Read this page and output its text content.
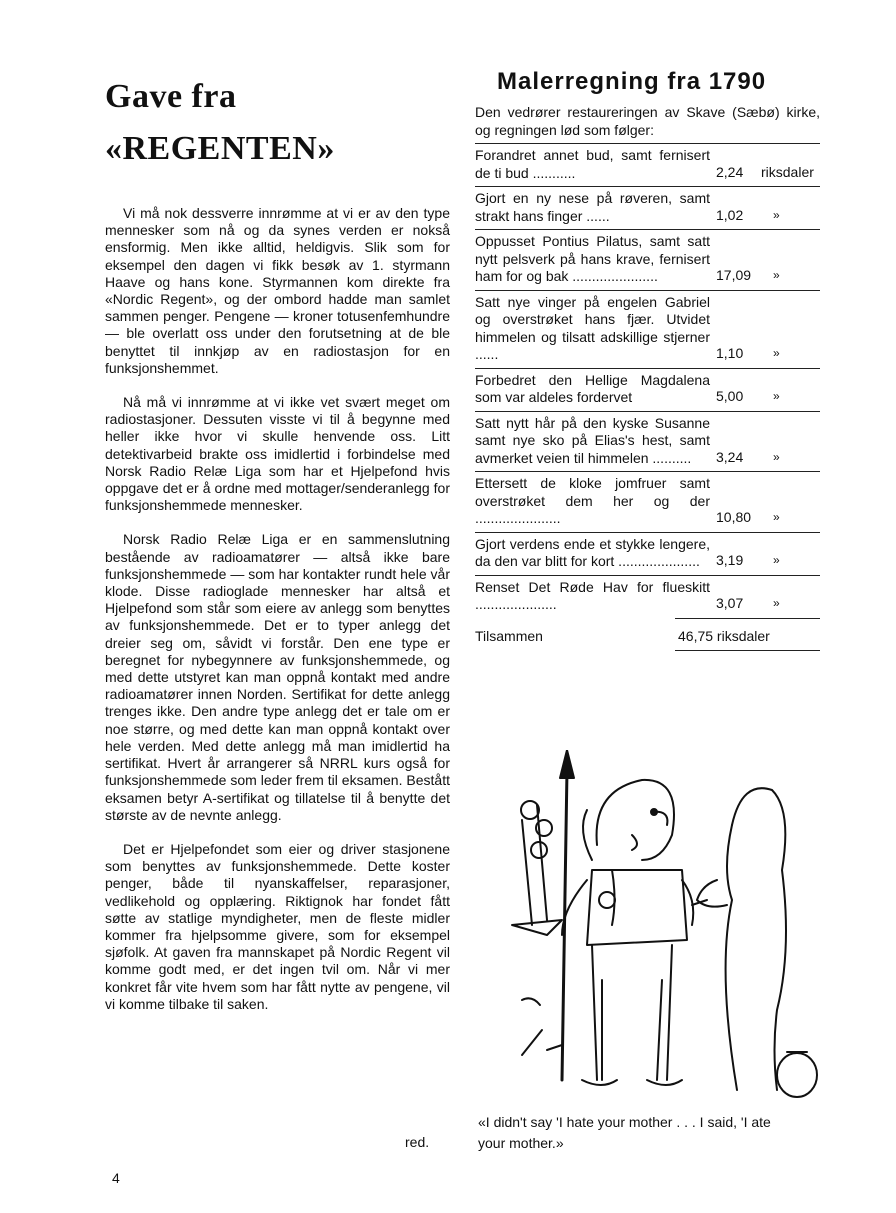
Gave fra
«REGENTEN»

Vi må nok dessverre innrømme at vi er av den type mennesker som nå og da synes verden er nokså ensformig. Men ikke alltid, heldigvis. Slik som for eksempel den dagen vi fikk besøk av 1. styrmann Haave og hans kone. Styrmannen kom direkte fra «Nordic Regent», og der ombord hadde man samlet sammen penger. Pengene — kroner totusenfemhundre — ble overlatt oss under den forutsetning at de ble benyttet til innkjøp av en radiostasjon for en funksjonshemmet.

Nå må vi innrømme at vi ikke vet svært meget om radiostasjoner. Dessuten visste vi til å begynne med heller ikke hvor vi skulle henvende oss. Litt detektivarbeid brakte oss imidlertid i forbindelse med Norsk Radio Relæ Liga som har et Hjelpefond hvis oppgave det er å ordne med mottager/senderanlegg for funksjonshemmede mennesker.

Norsk Radio Relæ Liga er en sammenslutning bestående av radioamatører — altså ikke bare funksjonshemmede — som har kontakter rundt hele vår klode. Disse radioglade mennesker har altså et Hjelpefond som står som eiere av anlegg som benyttes av funksjonshemmede. Det er to typer anlegg det dreier seg om, såvidt vi forstår. Den ene type er beregnet for nybegynnere av funksjonshemmede, og med dette utstyret kan man oppnå kontakt med andre radioamatører innen Norden. Sertifikat for dette anlegg trenges ikke. Den andre type anlegg det er tale om er noe større, og med dette kan man oppnå kontakt over hele verden. Med dette anlegg må man imidlertid ha sertifikat. Hvert år arrangerer så NRRL kurs også for funksjonshemmede som leder frem til eksamen. Bestått eksamen betyr A-sertifikat og tillatelse til å benytte det største av de nevnte anlegg.

Det er Hjelpefondet som eier og driver stasjonene som benyttes av funksjonshemmede. Dette koster penger, både til nyanskaffelser, reparasjoner, vedlikehold og opplæring. Riktignok har fondet fått søtte av statlige myndigheter, men de fleste midler kommer fra hjelpsomme givere, som for eksempel sjøfolk. At gaven fra mannskapet på Nordic Regent vil komme godt med, er det ingen tvil om. Når vi mer konkret får vite hvem som har fått nytte av pengene, vil vi komme tilbake til saken.

red.
4
Malerregning fra 1790
Den vedrører restaureringen av Skave (Sæbø) kirke, og regningen lød som følger:
Forandret annet bud, samt fernisert de ti bud ...........	2,24 riksdaler
Gjort en ny nese på røveren, samt strakt hans finger ......	1,02 »
Oppusset Pontius Pilatus, samt satt nytt pelsverk på hans krave, fernisert ham for og bak ......................	17,09 »
Satt nye vinger på engelen Gabriel og overstrøket hans fjær. Utvidet himmelen og tilsatt adskillige stjerner ......	1,10 »
Forbedret den Hellige Magdalena som var aldeles fordervet	5,00 »
Satt nytt hår på den kyske Susanne samt nye sko på Elias's hest, samt avmerket veien til himmelen ..........	3,24 »
Ettersett de kloke jomfruer samt overstrøket dem her og der ......................	10,80 »
Gjort verdens ende et stykke lengere, da den var blitt for kort .....................	3,19 »
Renset Det Røde Hav for flueskitt .....................	3,07 »
Tilsammen	46,75 riksdaler
«I didn't say 'I hate your mother . . . I said, 'I ate your mother.»
